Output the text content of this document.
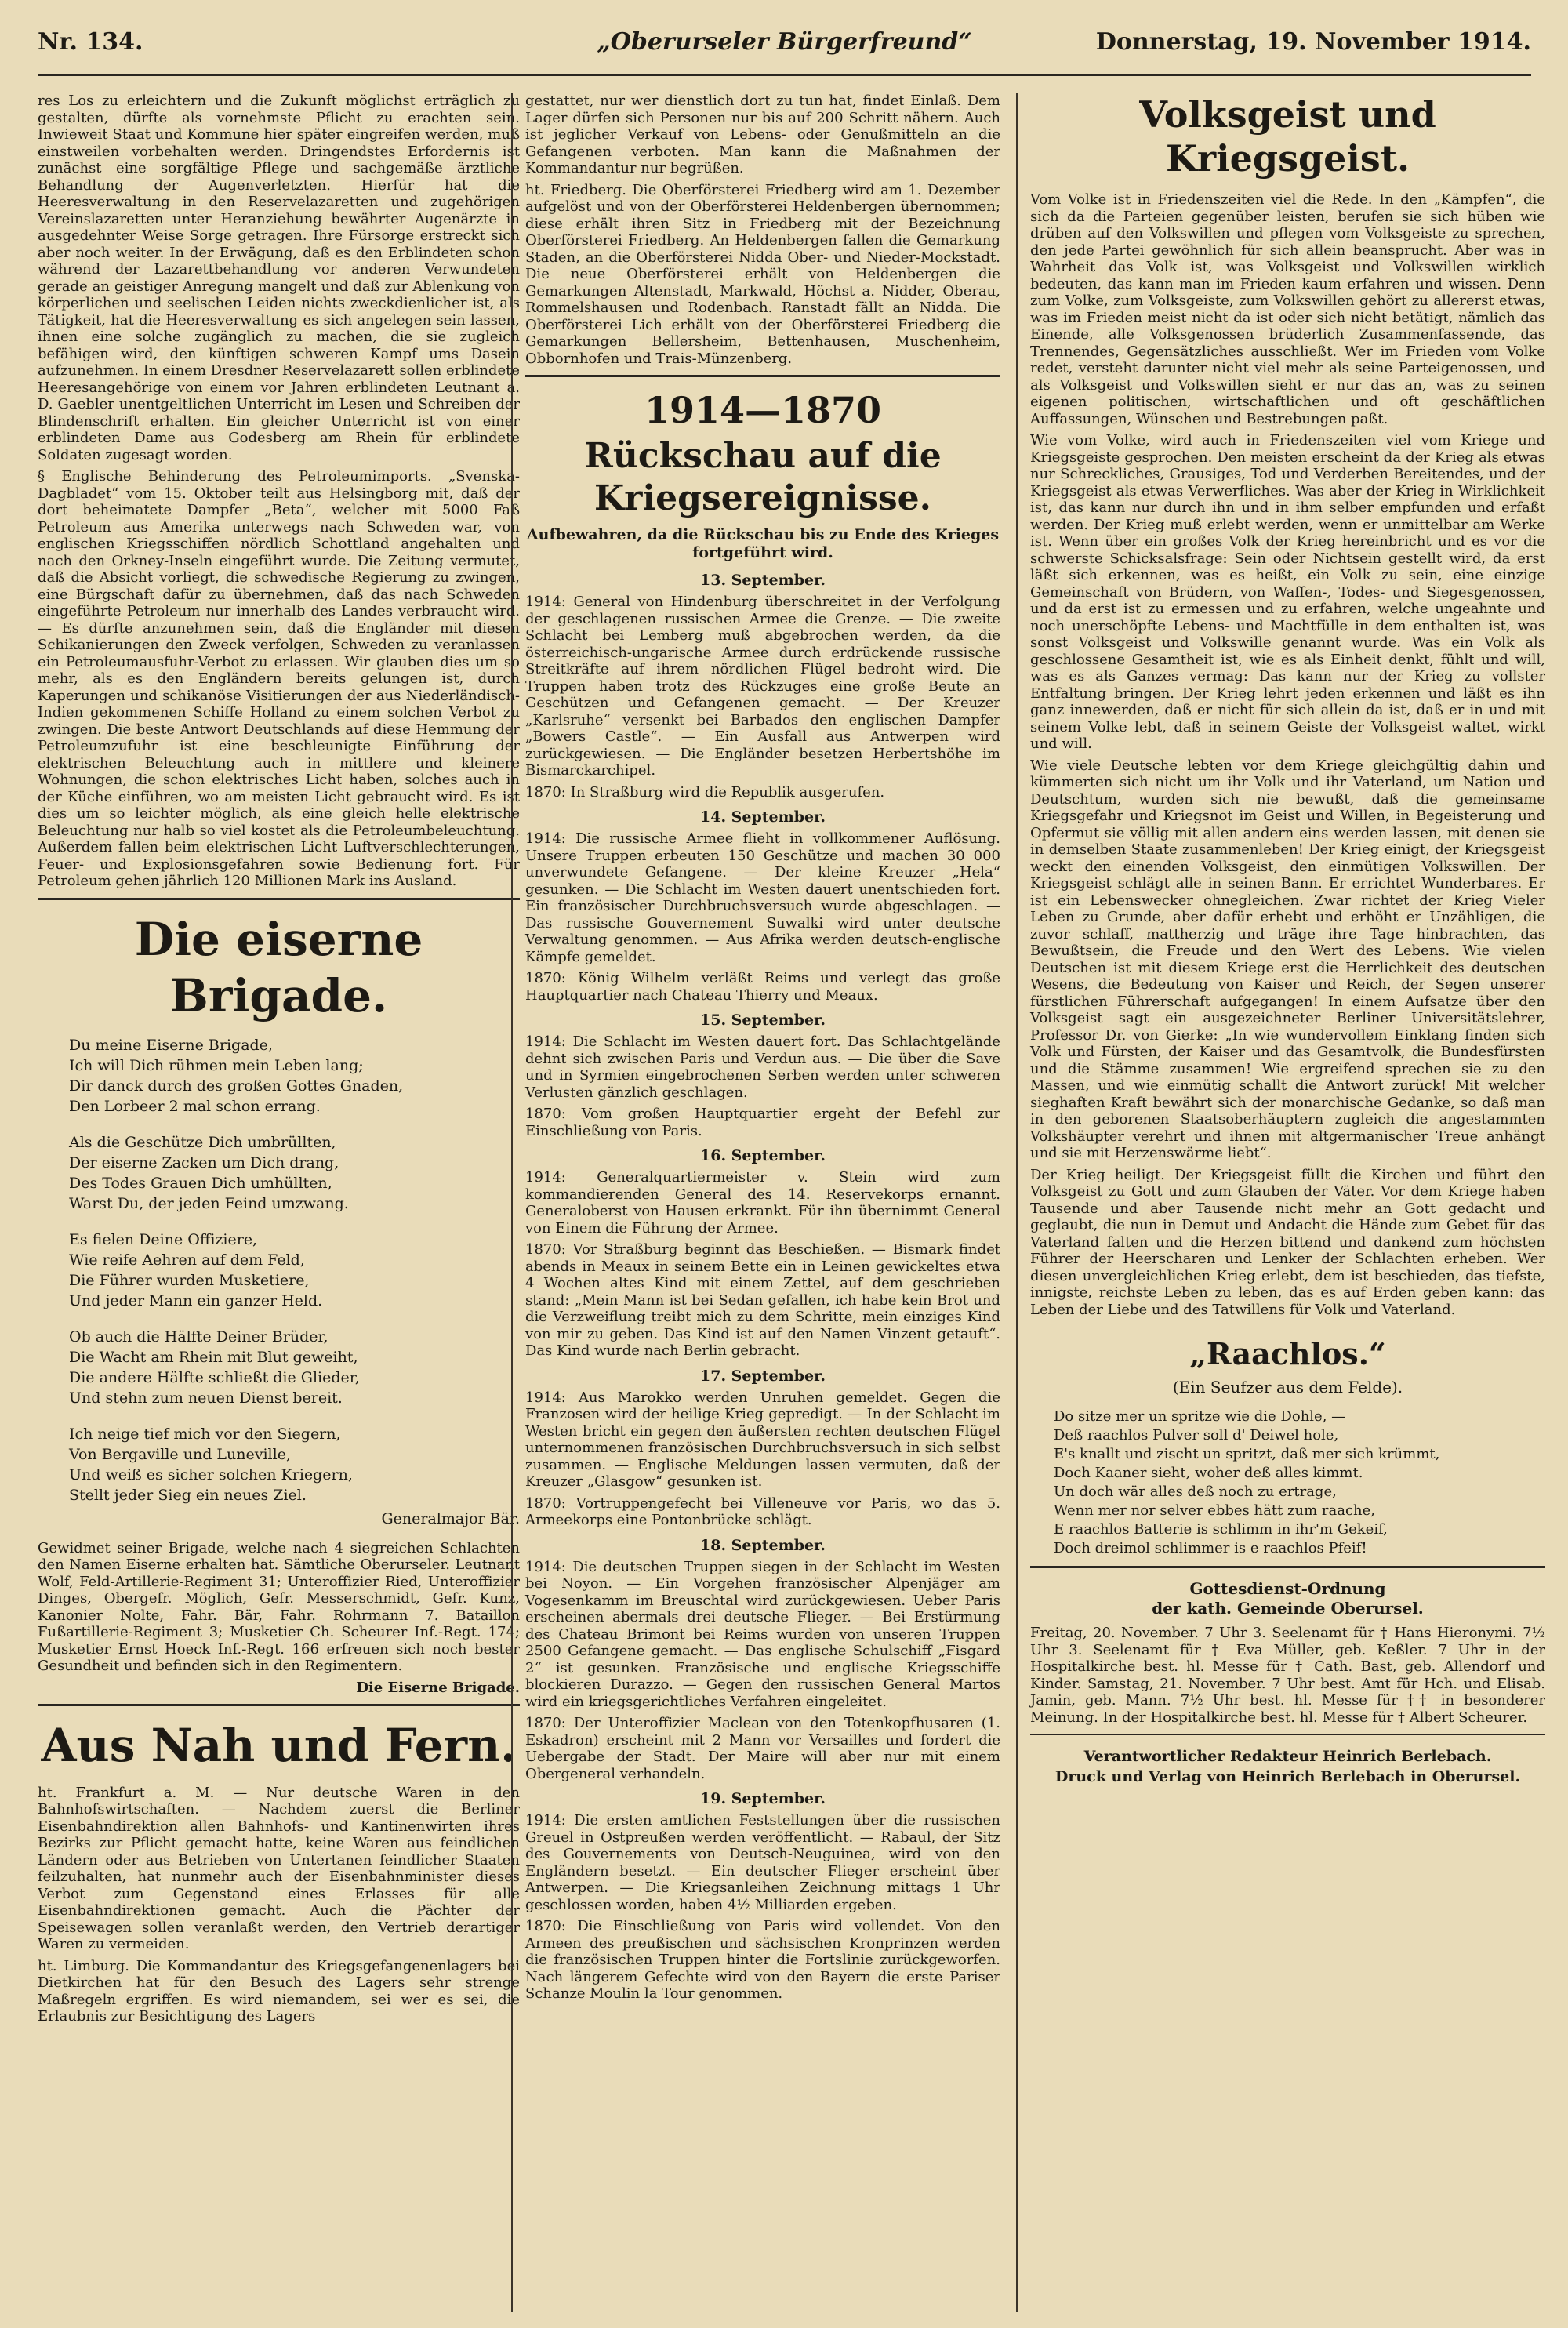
Nr. 134.	„Oberurseler Bürgerfreund“	Donnerstag, 19. November 1914.

res Los zu erleichtern und die Zukunft möglichst erträglich zu gestalten, dürfte als vornehmste Pflicht zu erachten sein. Inwieweit Staat und Kommune hier später eingreifen werden, muß einstweilen vorbehalten werden. Dringendstes Erfordernis ist zunächst eine sorgfältige Pflege und sachgemäße ärztliche Behandlung der Augenverletzten. Hierfür hat die Heeresverwaltung in den Reservelazaretten und zugehörigen Vereinslazaretten unter Heranziehung bewährter Augenärzte in ausgedehnter Weise Sorge getragen. Ihre Fürsorge erstreckt sich aber noch weiter. In der Erwägung, daß es den Erblindeten schon während der Lazarettbehandlung vor anderen Verwundeten gerade an geistiger Anregung mangelt und daß zur Ablenkung von körperlichen und seelischen Leiden nichts zweckdienlicher ist, als Tätigkeit, hat die Heeresverwaltung es sich angelegen sein lassen, ihnen eine solche zugänglich zu machen, die sie zugleich befähigen wird, den künftigen schweren Kampf ums Dasein aufzunehmen. In einem Dresdner Reservelazarett sollen erblindete Heeresangehörige von einem vor Jahren erblindeten Leutnant a. D. Gaebler unentgeltlichen Unterricht im Lesen und Schreiben der Blindenschrift erhalten. Ein gleicher Unterricht ist von einer erblindeten Dame aus Godesberg am Rhein für erblindete Soldaten zugesagt worden.

§ Englische Behinderung des Petroleumimports. „Svenska-Dagbladet“ vom 15. Oktober teilt aus Helsingborg mit, daß der dort beheimatete Dampfer „Beta“, welcher mit 5000 Faß Petroleum aus Amerika unterwegs nach Schweden war, von englischen Kriegsschiffen nördlich Schottland angehalten und nach den Orkney-Inseln eingeführt wurde. Die Zeitung vermutet, daß die Absicht vorliegt, die schwedische Regierung zu zwingen, eine Bürgschaft dafür zu übernehmen, daß das nach Schweden eingeführte Petroleum nur innerhalb des Landes verbraucht wird. — Es dürfte anzunehmen sein, daß die Engländer mit diesen Schikanierungen den Zweck verfolgen, Schweden zu veranlassen ein Petroleumausfuhr-Verbot zu erlassen. Wir glauben dies um so mehr, als es den Engländern bereits gelungen ist, durch Kaperungen und schikanöse Visitierungen der aus Niederländisch-Indien gekommenen Schiffe Holland zu einem solchen Verbot zu zwingen. Die beste Antwort Deutschlands auf diese Hemmung der Petroleumzufuhr ist eine beschleunigte Einführung der elektrischen Beleuchtung auch in mittlere und kleinere Wohnungen, die schon elektrisches Licht haben, solches auch in der Küche einführen, wo am meisten Licht gebraucht wird. Es ist dies um so leichter möglich, als eine gleich helle elektrische Beleuchtung nur halb so viel kostet als die Petroleumbeleuchtung. Außerdem fallen beim elektrischen Licht Luftverschlechterungen, Feuer- und Explosionsgefahren sowie Bedienung fort. Für Petroleum gehen jährlich 120 Millionen Mark ins Ausland.

Die eiserne Brigade.
Du meine Eiserne Brigade,
Ich will Dich rühmen mein Leben lang;
Dir danck durch des großen Gottes Gnaden,
Den Lorbeer 2 mal schon errang.
Als die Geschütze Dich umbrüllten,
Der eiserne Zacken um Dich drang,
Des Todes Grauen Dich umhüllten,
Warst Du, der jeden Feind umzwang.
Es fielen Deine Offiziere,
Wie reife Aehren auf dem Feld,
Die Führer wurden Musketiere,
Und jeder Mann ein ganzer Held.
Ob auch die Hälfte Deiner Brüder,
Die Wacht am Rhein mit Blut geweiht,
Die andere Hälfte schließt die Glieder,
Und stehn zum neuen Dienst bereit.
Ich neige tief mich vor den Siegern,
Von Bergaville und Luneville,
Und weiß es sicher solchen Kriegern,
Stellt jeder Sieg ein neues Ziel.
Generalmajor Bär.

Gewidmet seiner Brigade, welche nach 4 siegreichen Schlachten den Namen Eiserne erhalten hat. Sämtliche Oberurseler. Leutnant Wolf, Feld-Artillerie-Regiment 31; Unteroffizier Ried, Unteroffizier Dinges, Obergefr. Möglich, Gefr. Messerschmidt, Gefr. Kunz, Kanonier Nolte, Fahr. Bär, Fahr. Rohrmann 7. Bataillon Fußartillerie-Regiment 3; Musketier Ch. Scheurer Inf.-Regt. 174; Musketier Ernst Hoeck Inf.-Regt. 166 erfreuen sich noch bester Gesundheit und befinden sich in den Regimentern.

Die Eiserne Brigade.
Aus Nah und Fern.

ht. Frankfurt a. M. — Nur deutsche Waren in den Bahnhofswirtschaften. — Nachdem zuerst die Berliner Eisenbahndirektion allen Bahnhofs- und Kantinenwirten ihres Bezirks zur Pflicht gemacht hatte, keine Waren aus feindlichen Ländern oder aus Betrieben von Untertanen feindlicher Staaten feilzuhalten, hat nunmehr auch der Eisenbahnminister dieses Verbot zum Gegenstand eines Erlasses für alle Eisenbahndirektionen gemacht. Auch die Pächter der Speisewagen sollen veranlaßt werden, den Vertrieb derartiger Waren zu vermeiden.

ht. Limburg. Die Kommandantur des Kriegsgefangenenlagers bei Dietkirchen hat für den Besuch des Lagers sehr strenge Maßregeln ergriffen. Es wird niemandem, sei wer es sei, die Erlaubnis zur Besichtigung des Lagers

gestattet, nur wer dienstlich dort zu tun hat, findet Einlaß. Dem Lager dürfen sich Personen nur bis auf 200 Schritt nähern. Auch ist jeglicher Verkauf von Lebens- oder Genußmitteln an die Gefangenen verboten. Man kann die Maßnahmen der Kommandantur nur begrüßen.

ht. Friedberg. Die Oberförsterei Friedberg wird am 1. Dezember aufgelöst und von der Oberförsterei Heldenbergen übernommen; diese erhält ihren Sitz in Friedberg mit der Bezeichnung Oberförsterei Friedberg. An Heldenbergen fallen die Gemarkung Staden, an die Oberförsterei Nidda Ober- und Nieder-Mockstadt. Die neue Oberförsterei erhält von Heldenbergen die Gemarkungen Altenstadt, Markwald, Höchst a. Nidder, Oberau, Rommelshausen und Rodenbach. Ranstadt fällt an Nidda. Die Oberförsterei Lich erhält von der Oberförsterei Friedberg die Gemarkungen Bellersheim, Bettenhausen, Muschenheim, Obbornhofen und Trais-Münzenberg.

1914—1870
Rückschau auf die Kriegsereignisse.
Aufbewahren, da die Rückschau bis zu Ende des Krieges fortgeführt wird.
13. September.

1914: General von Hindenburg überschreitet in der Verfolgung der geschlagenen russischen Armee die Grenze. — Die zweite Schlacht bei Lemberg muß abgebrochen werden, da die österreichisch-ungarische Armee durch erdrückende russische Streitkräfte auf ihrem nördlichen Flügel bedroht wird. Die Truppen haben trotz des Rückzuges eine große Beute an Geschützen und Gefangenen gemacht. — Der Kreuzer „Karlsruhe“ versenkt bei Barbados den englischen Dampfer „Bowers Castle“. — Ein Ausfall aus Antwerpen wird zurückgewiesen. — Die Engländer besetzen Herbertshöhe im Bismarckarchipel.

1870: In Straßburg wird die Republik ausgerufen.

14. September.

1914: Die russische Armee flieht in vollkommener Auflösung. Unsere Truppen erbeuten 150 Geschütze und machen 30 000 unverwundete Gefangene. — Der kleine Kreuzer „Hela“ gesunken. — Die Schlacht im Westen dauert unentschieden fort. Ein französischer Durchbruchsversuch wurde abgeschlagen. — Das russische Gouvernement Suwalki wird unter deutsche Verwaltung genommen. — Aus Afrika werden deutsch-englische Kämpfe gemeldet.

1870: König Wilhelm verläßt Reims und verlegt das große Hauptquartier nach Chateau Thierry und Meaux.

15. September.

1914: Die Schlacht im Westen dauert fort. Das Schlachtgelände dehnt sich zwischen Paris und Verdun aus. — Die über die Save und in Syrmien eingebrochenen Serben werden unter schweren Verlusten gänzlich geschlagen.

1870: Vom großen Hauptquartier ergeht der Befehl zur Einschließung von Paris.

16. September.

1914: Generalquartiermeister v. Stein wird zum kommandierenden General des 14. Reservekorps ernannt. Generaloberst von Hausen erkrankt. Für ihn übernimmt General von Einem die Führung der Armee.

1870: Vor Straßburg beginnt das Beschießen. — Bismark findet abends in Meaux in seinem Bette ein in Leinen gewickeltes etwa 4 Wochen altes Kind mit einem Zettel, auf dem geschrieben stand: „Mein Mann ist bei Sedan gefallen, ich habe kein Brot und die Verzweiflung treibt mich zu dem Schritte, mein einziges Kind von mir zu geben. Das Kind ist auf den Namen Vinzent getauft“. Das Kind wurde nach Berlin gebracht.

17. September.

1914: Aus Marokko werden Unruhen gemeldet. Gegen die Franzosen wird der heilige Krieg gepredigt. — In der Schlacht im Westen bricht ein gegen den äußersten rechten deutschen Flügel unternommenen französischen Durchbruchsversuch in sich selbst zusammen. — Englische Meldungen lassen vermuten, daß der Kreuzer „Glasgow“ gesunken ist.

1870: Vortruppengefecht bei Villeneuve vor Paris, wo das 5. Armeekorps eine Pontonbrücke schlägt.

18. September.

1914: Die deutschen Truppen siegen in der Schlacht im Westen bei Noyon. — Ein Vorgehen französischer Alpenjäger am Vogesenkamm im Breuschtal wird zurückgewiesen. Ueber Paris erscheinen abermals drei deutsche Flieger. — Bei Erstürmung des Chateau Brimont bei Reims wurden von unseren Truppen 2500 Gefangene gemacht. — Das englische Schulschiff „Fisgard 2“ ist gesunken. Französische und englische Kriegsschiffe blockieren Durazzo. — Gegen den russischen General Martos wird ein kriegsgerichtliches Verfahren eingeleitet.

1870: Der Unteroffizier Maclean von den Totenkopfhusaren (1. Eskadron) erscheint mit 2 Mann vor Versailles und fordert die Uebergabe der Stadt. Der Maire will aber nur mit einem Obergeneral verhandeln.

19. September.

1914: Die ersten amtlichen Feststellungen über die russischen Greuel in Ostpreußen werden veröffentlicht. — Rabaul, der Sitz des Gouvernements von Deutsch-Neuguinea, wird von den Engländern besetzt. — Ein deutscher Flieger erscheint über Antwerpen. — Die Kriegsanleihen Zeichnung mittags 1 Uhr geschlossen worden, haben 4½ Milliarden ergeben.

1870: Die Einschließung von Paris wird vollendet. Von den Armeen des preußischen und sächsischen Kronprinzen werden die französischen Truppen hinter die Fortslinie zurückgeworfen. Nach längerem Gefechte wird von den Bayern die erste Pariser Schanze Moulin la Tour genommen.

Volksgeist und Kriegsgeist.

Vom Volke ist in Friedenszeiten viel die Rede. In den „Kämpfen“, die sich da die Parteien gegenüber leisten, berufen sie sich hüben wie drüben auf den Volkswillen und pflegen vom Volksgeiste zu sprechen, den jede Partei gewöhnlich für sich allein beansprucht. Aber was in Wahrheit das Volk ist, was Volksgeist und Volkswillen wirklich bedeuten, das kann man im Frieden kaum erfahren und wissen. Denn zum Volke, zum Volksgeiste, zum Volkswillen gehört zu allererst etwas, was im Frieden meist nicht da ist oder sich nicht betätigt, nämlich das Einende, alle Volksgenossen brüderlich Zusammenfassende, das Trennendes, Gegensätzliches ausschließt. Wer im Frieden vom Volke redet, versteht darunter nicht viel mehr als seine Parteigenossen, und als Volksgeist und Volkswillen sieht er nur das an, was zu seinen eigenen politischen, wirtschaftlichen und oft geschäftlichen Auffassungen, Wünschen und Bestrebungen paßt.

Wie vom Volke, wird auch in Friedenszeiten viel vom Kriege und Kriegsgeiste gesprochen. Den meisten erscheint da der Krieg als etwas nur Schreckliches, Grausiges, Tod und Verderben Bereitendes, und der Kriegsgeist als etwas Verwerfliches. Was aber der Krieg in Wirklichkeit ist, das kann nur durch ihn und in ihm selber empfunden und erfaßt werden. Der Krieg muß erlebt werden, wenn er unmittelbar am Werke ist. Wenn über ein großes Volk der Krieg hereinbricht und es vor die schwerste Schicksalsfrage: Sein oder Nichtsein gestellt wird, da erst läßt sich erkennen, was es heißt, ein Volk zu sein, eine einzige Gemeinschaft von Brüdern, von Waffen-, Todes- und Siegesgenossen, und da erst ist zu ermessen und zu erfahren, welche ungeahnte und noch unerschöpfte Lebens- und Machtfülle in dem enthalten ist, was sonst Volksgeist und Volkswille genannt wurde. Was ein Volk als geschlossene Gesamtheit ist, wie es als Einheit denkt, fühlt und will, was es als Ganzes vermag: Das kann nur der Krieg zu vollster Entfaltung bringen. Der Krieg lehrt jeden erkennen und läßt es ihn ganz innewerden, daß er nicht für sich allein da ist, daß er in und mit seinem Volke lebt, daß in seinem Geiste der Volksgeist waltet, wirkt und will.

Wie viele Deutsche lebten vor dem Kriege gleichgültig dahin und kümmerten sich nicht um ihr Volk und ihr Vaterland, um Nation und Deutschtum, wurden sich nie bewußt, daß die gemeinsame Kriegsgefahr und Kriegsnot im Geist und Willen, in Begeisterung und Opfermut sie völlig mit allen andern eins werden lassen, mit denen sie in demselben Staate zusammenleben! Der Krieg einigt, der Kriegsgeist weckt den einenden Volksgeist, den einmütigen Volkswillen. Der Kriegsgeist schlägt alle in seinen Bann. Er errichtet Wunderbares. Er ist ein Lebenswecker ohnegleichen. Zwar richtet der Krieg Vieler Leben zu Grunde, aber dafür erhebt und erhöht er Unzähligen, die zuvor schlaff, mattherzig und träge ihre Tage hinbrachten, das Bewußtsein, die Freude und den Wert des Lebens. Wie vielen Deutschen ist mit diesem Kriege erst die Herrlichkeit des deutschen Wesens, die Bedeutung von Kaiser und Reich, der Segen unserer fürstlichen Führerschaft aufgegangen! In einem Aufsatze über den Volksgeist sagt ein ausgezeichneter Berliner Universitätslehrer, Professor Dr. von Gierke: „In wie wundervollem Einklang finden sich Volk und Fürsten, der Kaiser und das Gesamtvolk, die Bundesfürsten und die Stämme zusammen! Wie ergreifend sprechen sie zu den Massen, und wie einmütig schallt die Antwort zurück! Mit welcher sieghaften Kraft bewährt sich der monarchische Gedanke, so daß man in den geborenen Staatsoberhäuptern zugleich die angestammten Volkshäupter verehrt und ihnen mit altgermanischer Treue anhängt und sie mit Herzenswärme liebt“.

Der Krieg heiligt. Der Kriegsgeist füllt die Kirchen und führt den Volksgeist zu Gott und zum Glauben der Väter. Vor dem Kriege haben Tausende und aber Tausende nicht mehr an Gott gedacht und geglaubt, die nun in Demut und Andacht die Hände zum Gebet für das Vaterland falten und die Herzen bittend und dankend zum höchsten Führer der Heerscharen und Lenker der Schlachten erheben. Wer diesen unvergleichlichen Krieg erlebt, dem ist beschieden, das tiefste, innigste, reichste Leben zu leben, das es auf Erden geben kann: das Leben der Liebe und des Tatwillens für Volk und Vaterland.

„Raachlos.“
(Ein Seufzer aus dem Felde).
Do sitze mer un spritze wie die Dohle, —
Deß raachlos Pulver soll d' Deiwel hole,
E's knallt und zischt un spritzt, daß mer sich krümmt,
Doch Kaaner sieht, woher deß alles kimmt.
Un doch wär alles deß noch zu ertrage,
Wenn mer nor selver ebbes hätt zum raache,
E raachlos Batterie is schlimm in ihr'm Gekeif,
Doch dreimol schlimmer is e raachlos Pfeif!
Gottesdienst-Ordnung
der kath. Gemeinde Oberursel.

Freitag, 20. November. 7 Uhr 3. Seelenamt für † Hans Hieronymi. 7½ Uhr 3. Seelenamt für † Eva Müller, geb. Keßler. 7 Uhr in der Hospitalkirche best. hl. Messe für † Cath. Bast, geb. Allendorf und Kinder. Samstag, 21. November. 7 Uhr best. Amt für Hch. und Elisab. Jamin, geb. Mann. 7½ Uhr best. hl. Messe für †† in besonderer Meinung. In der Hospitalkirche best. hl. Messe für † Albert Scheurer.

Verantwortlicher Redakteur Heinrich Berlebach.
Druck und Verlag von Heinrich Berlebach in Oberursel.
